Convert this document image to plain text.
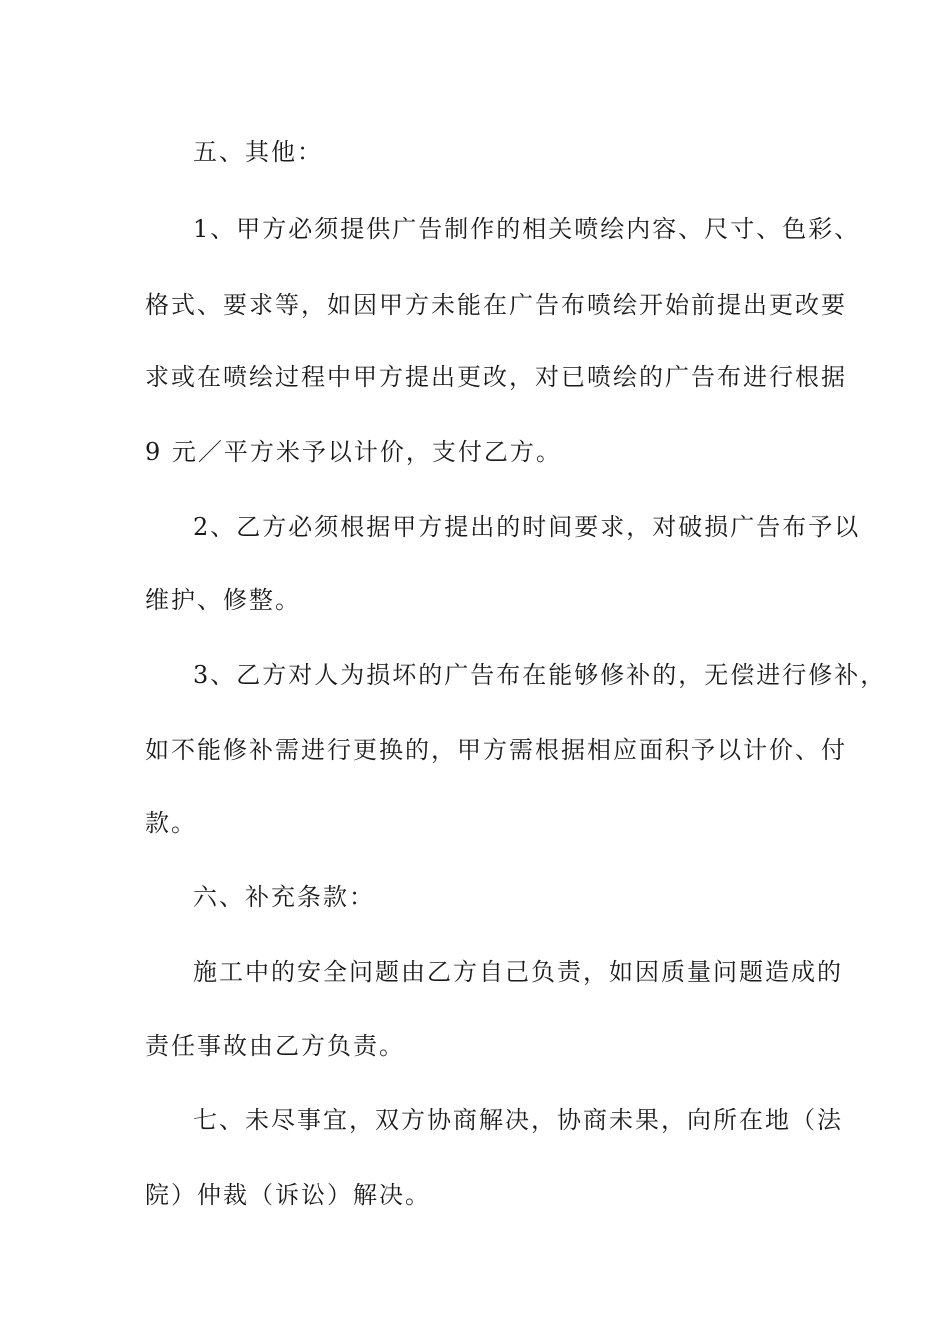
五、其他：
1、甲方必须提供广告制作的相关喷绘内容、尺寸、色彩、
格式、要求等，如因甲方未能在广告布喷绘开始前提出更改要
求或在喷绘过程中甲方提出更改，对已喷绘的广告布进行根据
9 元／平方米予以计价，支付乙方。
2、乙方必须根据甲方提出的时间要求，对破损广告布予以
维护、修整。
3、乙方对人为损坏的广告布在能够修补的，无偿进行修补，
如不能修补需进行更换的，甲方需根据相应面积予以计价、付
款。
六、补充条款：
施工中的安全问题由乙方自己负责，如因质量问题造成的
责任事故由乙方负责。
七、未尽事宜，双方协商解决，协商未果，向所在地（法
院）仲裁（诉讼）解决。
